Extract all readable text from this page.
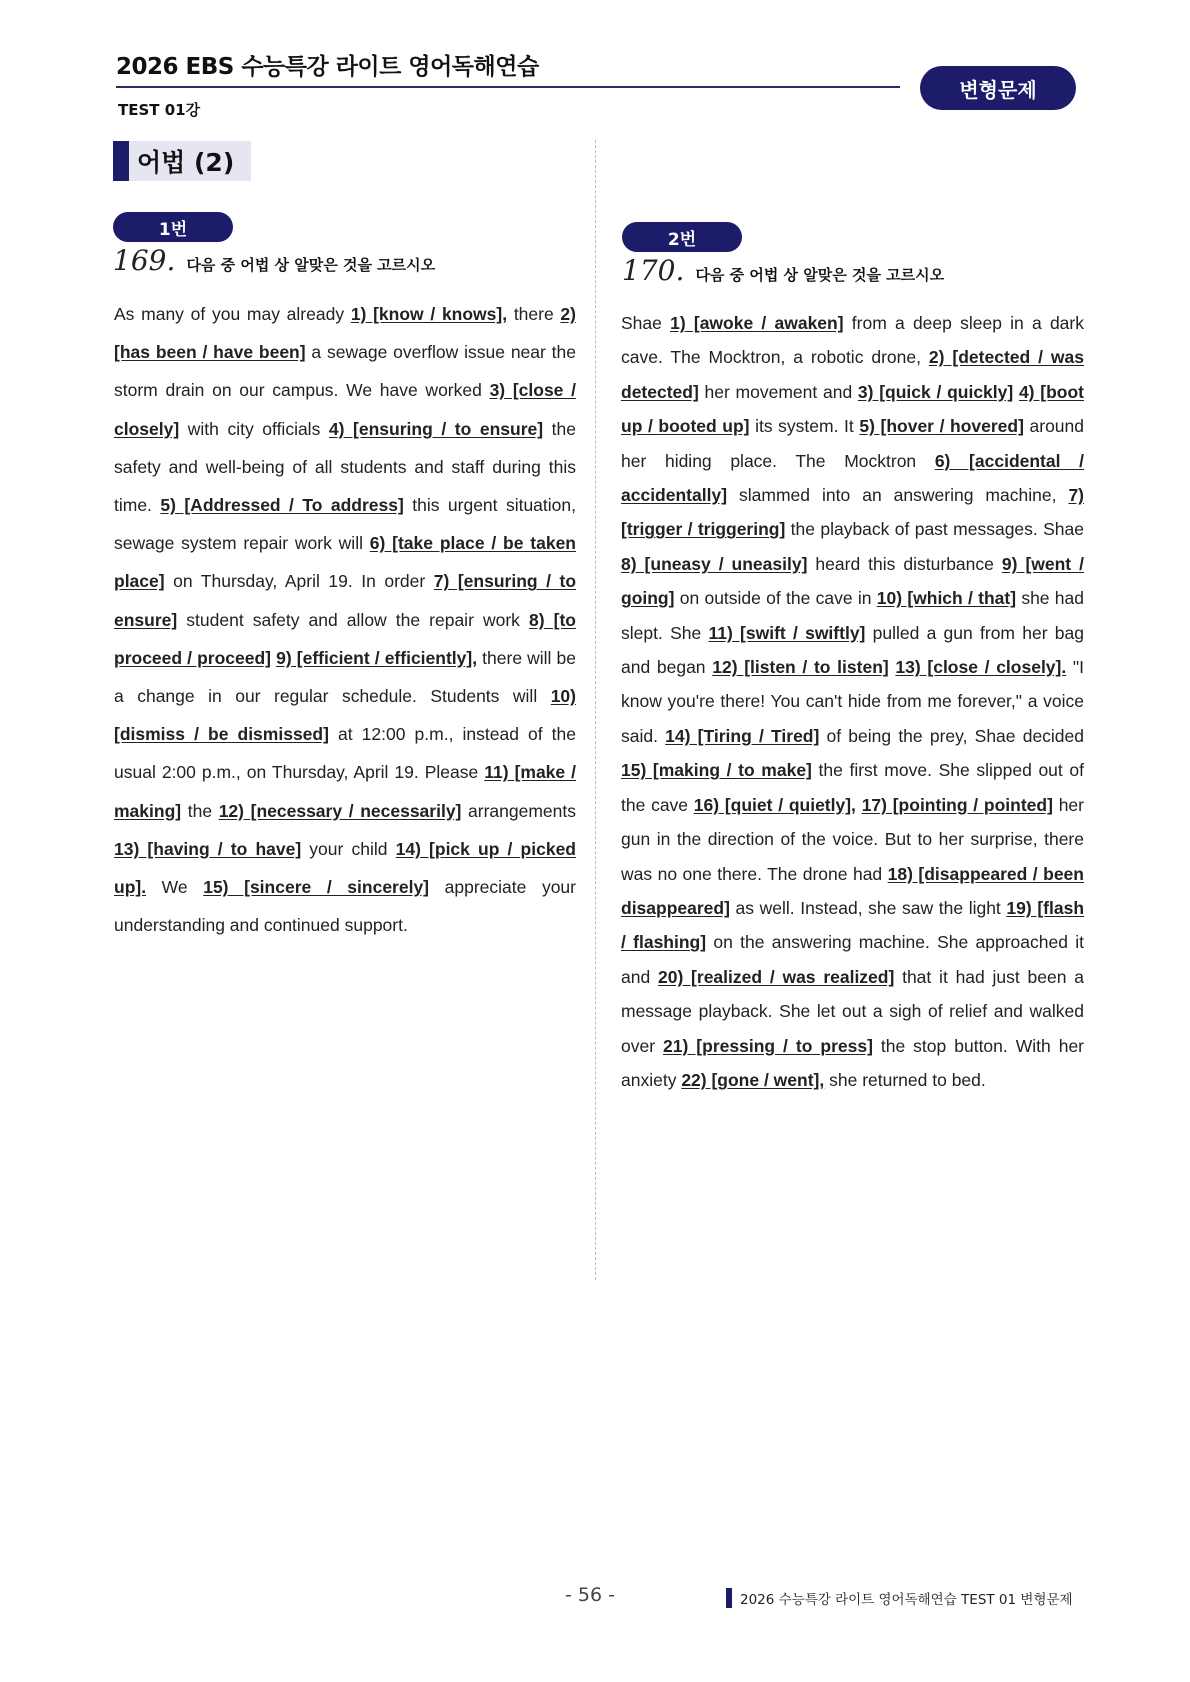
2026 EBS 수능특강 라이트 영어독해연습
TEST 01강
변형문제
어법 (2)
1번
169. 다음 중 어법 상 알맞은 것을 고르시오

As many of you may already 1) [know / knows], there 2) [has been / have been] a sewage overflow issue near the storm drain on our campus. We have worked 3) [close / closely] with city officials 4) [ensuring / to ensure] the safety and well-being of all students and staff during this time. 5) [Addressed / To address] this urgent situation, sewage system repair work will 6) [take place / be taken place] on Thursday, April 19. In order 7) [ensuring / to ensure] student safety and allow the repair work 8) [to proceed / proceed] 9) [efficient / efficiently], there will be a change in our regular schedule. Students will 10) [dismiss / be dismissed] at 12:00 p.m., instead of the usual 2:00 p.m., on Thursday, April 19. Please 11) [make / making] the 12) [necessary / necessarily] arrangements 13) [having / to have] your child 14) [pick up / picked up]. We 15) [sincere / sincerely] appreciate your understanding and continued support.

2번
170. 다음 중 어법 상 알맞은 것을 고르시오

Shae 1) [awoke / awaken] from a deep sleep in a dark cave. The Mocktron, a robotic drone, 2) [detected / was detected] her movement and 3) [quick / quickly] 4) [boot up / booted up] its system. It 5) [hover / hovered] around her hiding place. The Mocktron 6) [accidental / accidentally] slammed into an answering machine, 7) [trigger / triggering] the playback of past messages. Shae 8) [uneasy / uneasily] heard this disturbance 9) [went / going] on outside of the cave in 10) [which / that] she had slept. She 11) [swift / swiftly] pulled a gun from her bag and began 12) [listen / to listen] 13) [close / closely]. "I know you're there! You can't hide from me forever," a voice said. 14) [Tiring / Tired] of being the prey, Shae decided 15) [making / to make] the first move. She slipped out of the cave 16) [quiet / quietly], 17) [pointing / pointed] her gun in the direction of the voice. But to her surprise, there was no one there. The drone had 18) [disappeared / been disappeared] as well. Instead, she saw the light 19) [flash / flashing] on the answering machine. She approached it and 20) [realized / was realized] that it had just been a message playback. She let out a sigh of relief and walked over 21) [pressing / to press] the stop button. With her anxiety 22) [gone / went], she returned to bed.

- 56 -	2026 수능특강 라이트 영어독해연습 TEST 01 변형문제
